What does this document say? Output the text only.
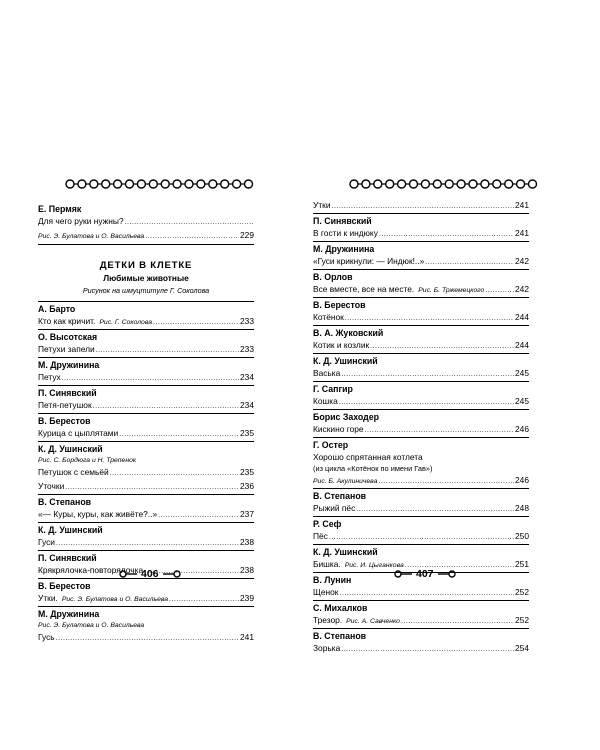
Е. Пермяк
Для чего руки нужны?
.....
Рис. Э. Булатова и О. Васильева .....	229
ДЕТКИ В КЛЕТКЕ
Любимые животные
Рисунок на шмуцтитуле Г. Соколова
А. Барто
Кто как кричит. Рис. Г. Соколова .....	233
О. Высотская
Петухи запели .....	233
М. Дружинина
Петух .....	234
П. Синявский
Петя-петушок .....	234
В. Берестов
Курица с цыплятами .....	235
К. Д. Ушинский
Рис. С. Бордюга и Н. Трепенок
Петушок с семьёй .....	235
Уточки .....	236
В. Степанов
«— Куры, куры, как живёте?..» .....	237
К. Д. Ушинский
Гуси .....	238
П. Синявский
Крякрялочка-повторялочка .....	238
В. Берестов
Утки. Рис. Э. Булатова и О. Васильева .....	239
М. Дружинина
Рис. Э. Булатова и О. Васильева
Гусь .....	241
Утки .....	241
П. Синявский
В гости к индюку .....	241
М. Дружинина
«Гуси крикнули: — Индюк!..» .....	242
В. Орлов
Все вместе, все на месте. Рис. Б. Тржемецкого .....	242
В. Берестов
Котёнок .....	244
В. А. Жуковский
Котик и козлик .....	244
К. Д. Ушинский
Васька .....	245
Г. Сапгир
Кошка .....	245
Борис Заходер
Кискино горе .....	246
Г. Остер
Хорошо спрятанная котлета
(из цикла «Котёнок по имени Гав»)
Рис. Б. Акулиничева .....	246
В. Степанов
Рыжий пёс .....	248
Р. Сеф
Пёс .....	250
К. Д. Ушинский
Бишка. Рис. И. Цыганкова .....	251
В. Лунин
Щенок .....	252
С. Михалков
Трезор. Рис. А. Савченко .....	252
В. Степанов
Зорька .....	254
406	407
